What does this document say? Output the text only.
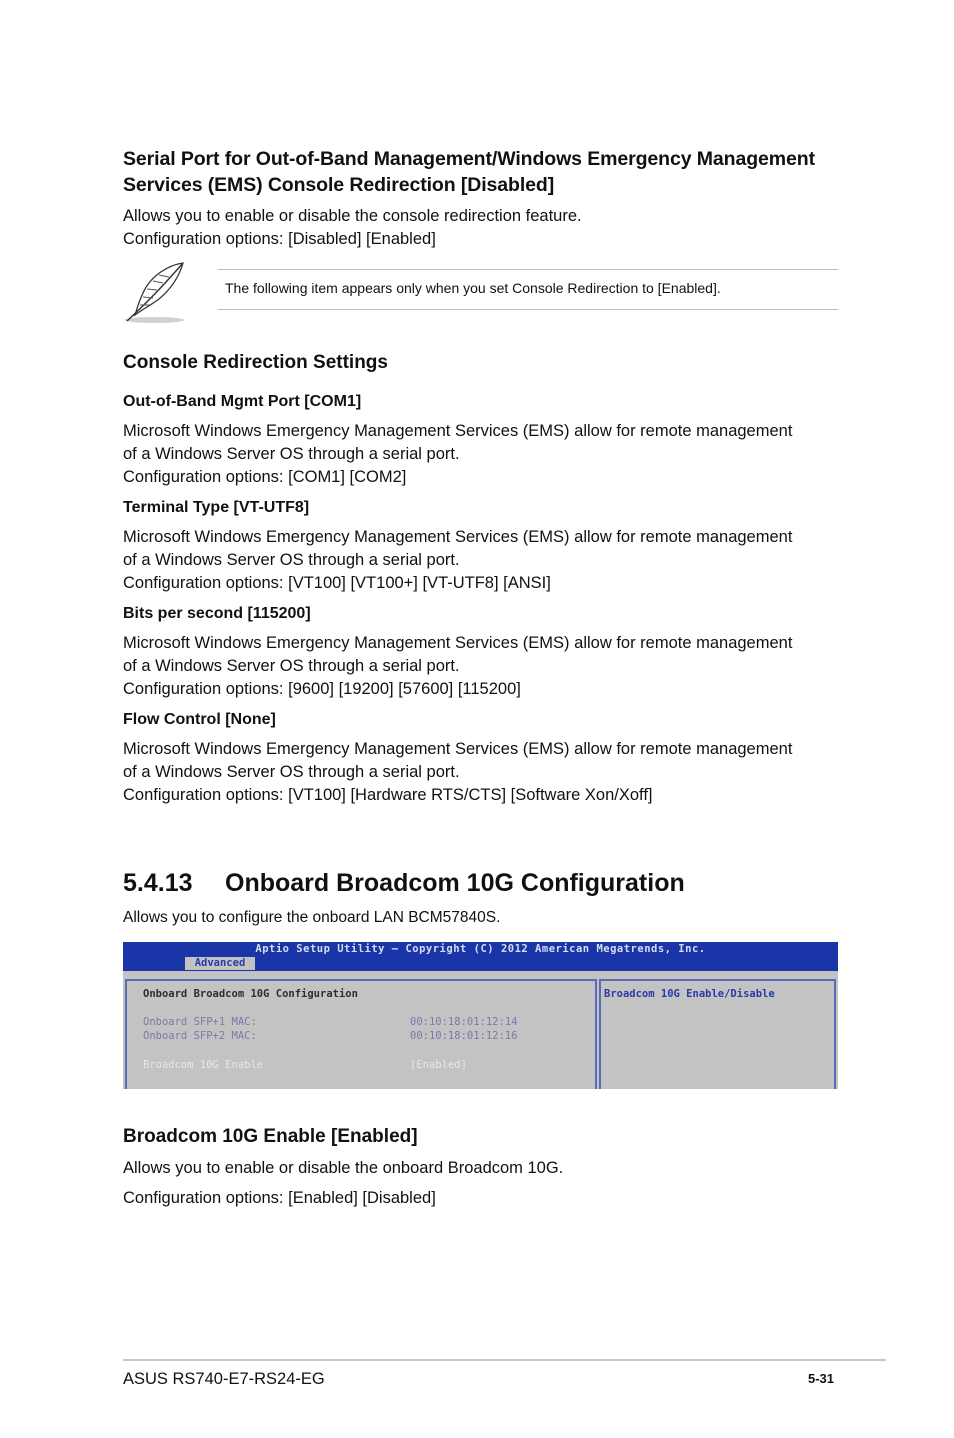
Serial Port for Out-of-Band Management/Windows Emergency Management
Services (EMS) Console Redirection [Disabled]
Allows you to enable or disable the console redirection feature.
Configuration options: [Disabled] [Enabled]
The following item appears only when you set Console Redirection to [Enabled].
Console Redirection Settings
Out-of-Band Mgmt Port [COM1]
Microsoft Windows Emergency Management Services (EMS) allow for remote management
of a Windows Server OS through a serial port.
Configuration options: [COM1] [COM2]
Terminal Type [VT-UTF8]
Microsoft Windows Emergency Management Services (EMS) allow for remote management
of a Windows Server OS through a serial port.
Configuration options: [VT100] [VT100+] [VT-UTF8] [ANSI]
Bits per second [115200]
Microsoft Windows Emergency Management Services (EMS) allow for remote management
of a Windows Server OS through a serial port.
Configuration options: [9600] [19200] [57600] [115200]
Flow Control [None]
Microsoft Windows Emergency Management Services (EMS) allow for remote management
of a Windows Server OS through a serial port.
Configuration options: [VT100] [Hardware RTS/CTS] [Software Xon/Xoff]
5.4.13 Onboard Broadcom 10G Configuration
Allows you to configure the onboard LAN BCM57840S.
Aptio Setup Utility – Copyright (C) 2012 American Megatrends, Inc.
Advanced
Onboard Broadcom 10G Configuration
Onboard SFP+1 MAC:	00:10:18:01:12:14
Onboard SFP+2 MAC:	00:10:18:01:12:16
Broadcom 10G Enable	[Enabled]
Broadcom 10G Enable/Disable
Broadcom 10G Enable [Enabled]
Allows you to enable or disable the onboard Broadcom 10G.
Configuration options: [Enabled] [Disabled]
ASUS RS740-E7-RS24-EG	5-31
